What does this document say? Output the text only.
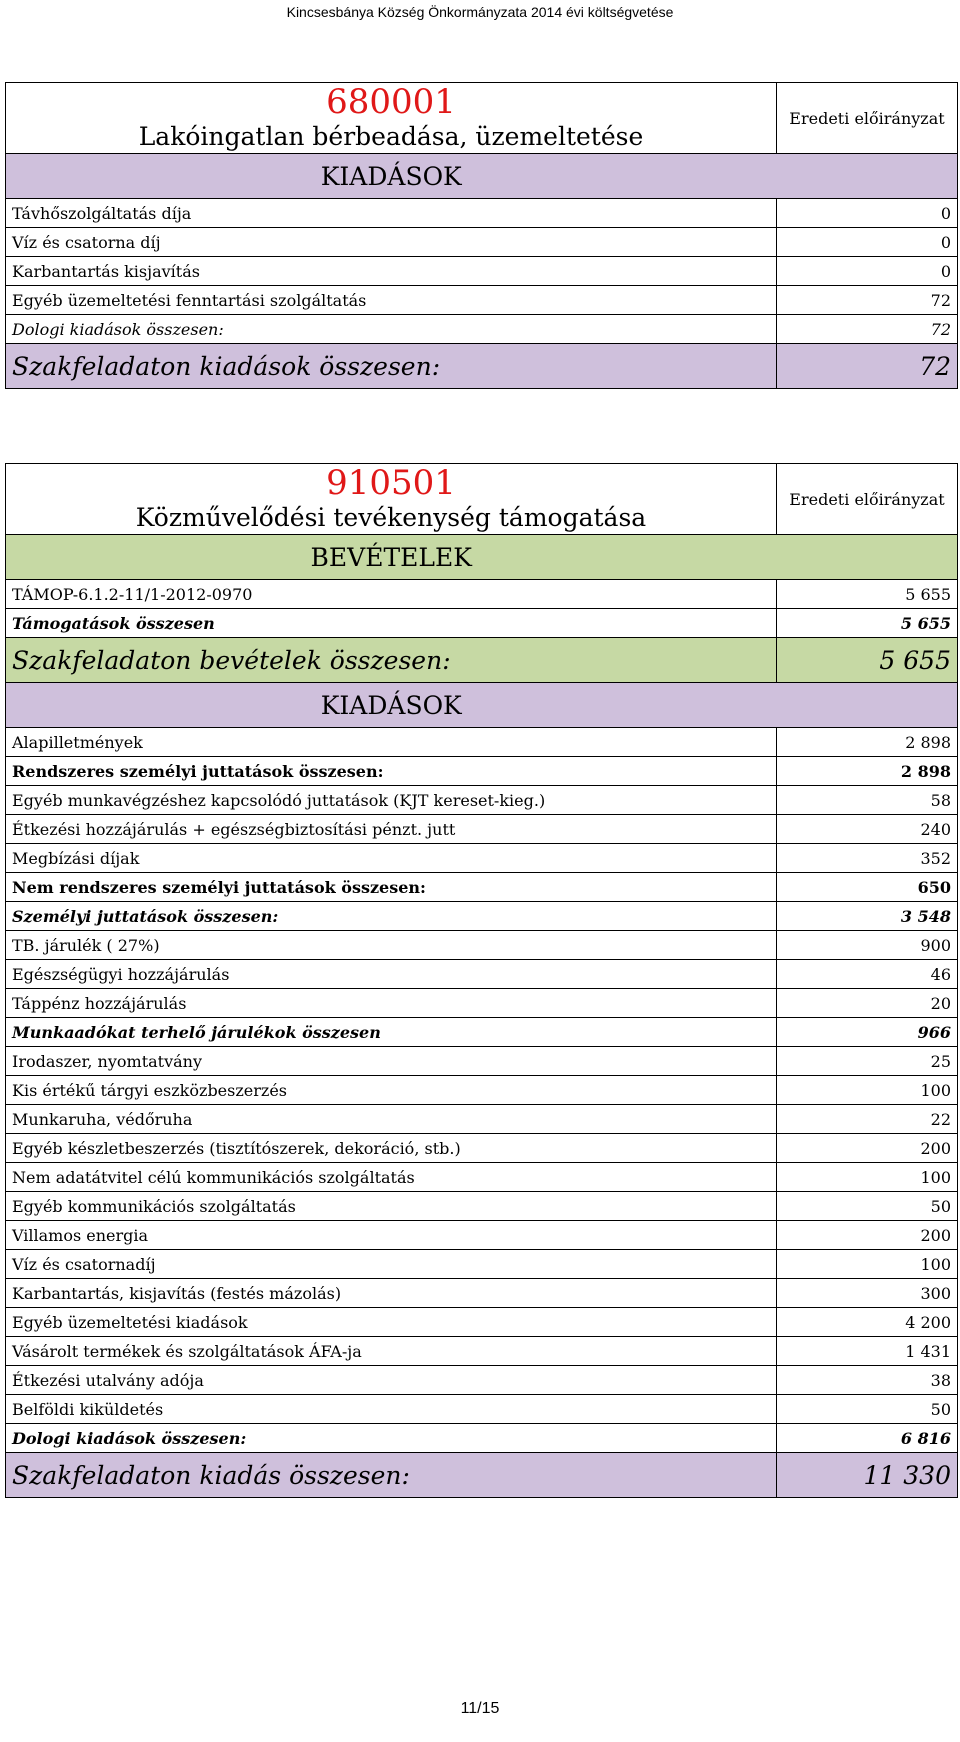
Kincsesbánya Község Önkormányzata 2014 évi költségvetése
680001
Lakóingatlan bérbeadása, üzemeltetése	Eredeti előirányzat
KIADÁSOK	
Távhőszolgáltatás díja	0
Víz és csatorna díj	0
Karbantartás kisjavítás	0
Egyéb üzemeltetési fenntartási szolgáltatás	72
Dologi kiadások összesen:	72
Szakfeladaton kiadások összesen:	72
910501
Közművelődési tevékenység támogatása	Eredeti előirányzat
BEVÉTELEK	
TÁMOP-6.1.2-11/1-2012-0970	5 655
Támogatások összesen	5 655
Szakfeladaton bevételek összesen:	5 655
KIADÁSOK	
Alapilletmények	2 898
Rendszeres személyi juttatások összesen:	2 898
Egyéb munkavégzéshez kapcsolódó juttatások (KJT kereset-kieg.)	58
Étkezési hozzájárulás + egészségbiztosítási pénzt. jutt	240
Megbízási díjak	352
Nem rendszeres személyi juttatások összesen:	650
Személyi juttatások összesen:	3 548
TB. járulék ( 27%)	900
Egészségügyi hozzájárulás	46
Táppénz hozzájárulás	20
Munkaadókat terhelő járulékok összesen	966
Irodaszer, nyomtatvány	25
Kis értékű tárgyi eszközbeszerzés	100
Munkaruha, védőruha	22
Egyéb készletbeszerzés (tisztítószerek, dekoráció, stb.)	200
Nem adatátvitel célú kommunikációs szolgáltatás	100
Egyéb kommunikációs szolgáltatás	50
Villamos energia	200
Víz és csatornadíj	100
Karbantartás, kisjavítás (festés mázolás)	300
Egyéb üzemeltetési kiadások	4 200
Vásárolt termékek és szolgáltatások ÁFA-ja	1 431
Étkezési utalvány adója	38
Belföldi kiküldetés	50
Dologi kiadások összesen:	6 816
Szakfeladaton kiadás összesen:	11 330
11/15
